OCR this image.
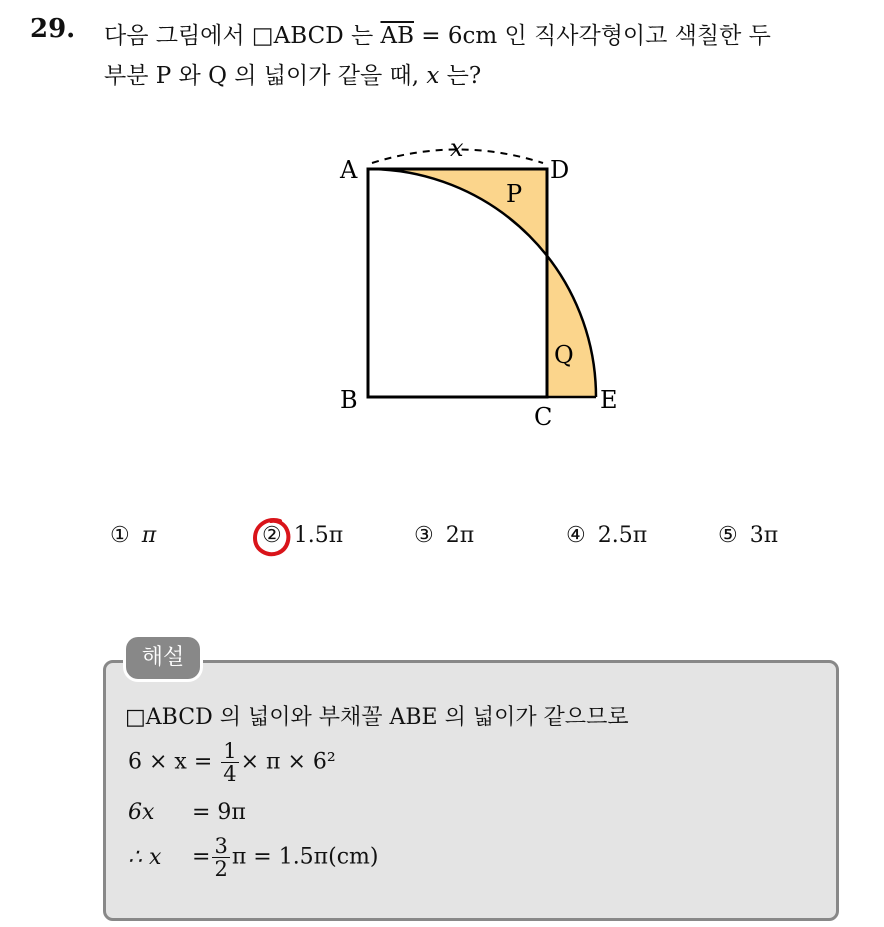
29. 다음 그림에서 □ABCD 는 $\overline{AB} = 6cm$ 인 직사각형이고 색칠한 두
부분 P 와 Q 의 넓이가 같을 때, x 는?
x
A	D
B
C
E
P
Q
① π	② 1.5π	③ 2π	④ 2.5π	⑤ 3π
해설
□ABCD 의 넓이와 부채꼴 ABE 의 넓이가 같으므로
$6 \times x = \frac{1}{4} \times \pi \times 6^2$
6x = 9π
∴ $x = \frac{3}{2}$ π = 1.5π(cm)
